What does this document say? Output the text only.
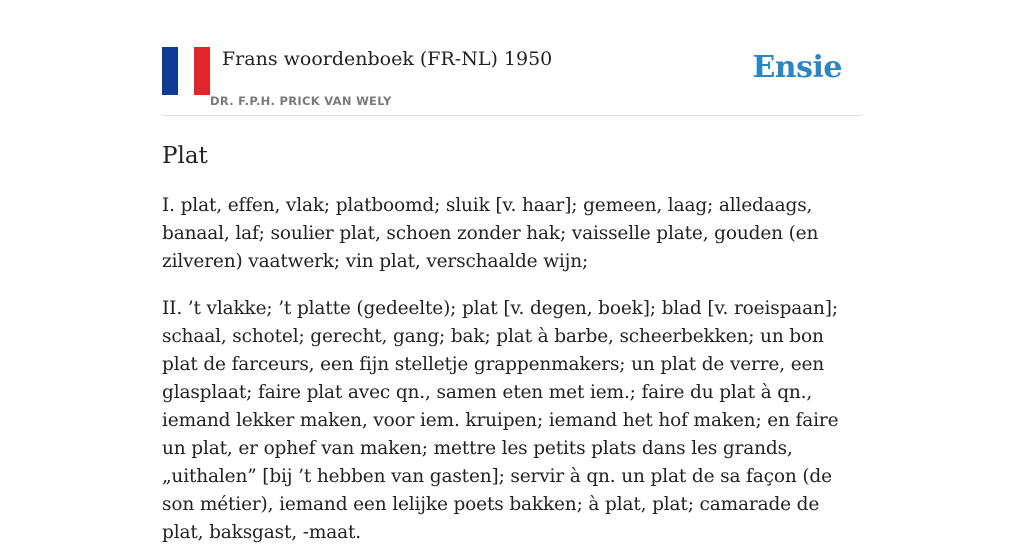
Frans woordenboek (FR-NL) 1950
DR. F.P.H. PRICK VAN WELY
Ensie
Plat

I. plat, effen, vlak; platboomd; sluik [v. haar]; gemeen, laag; alledaags, banaal, laf; soulier plat, schoen zonder hak; vaisselle plate, gouden (en zilveren) vaatwerk; vin plat, verschaalde wijn;

II. ’t vlakke; ’t platte (gedeelte); plat [v. degen, boek]; blad [v. roeispaan]; schaal, schotel; gerecht, gang; bak; plat à barbe, scheerbekken; un bon plat de farceurs, een fijn stelletje grappenmakers; un plat de verre, een glasplaat; faire plat avec qn., samen eten met iem.; faire du plat à qn., iemand lekker maken, voor iem. kruipen; iemand het hof maken; en faire un plat, er ophef van maken; mettre les petits plats dans les grands, „uithalen” [bij ’t hebben van gasten]; servir à qn. un plat de sa façon (de son métier), iemand een lelijke poets bakken; à plat, plat; camarade de plat, baksgast, -maat.
